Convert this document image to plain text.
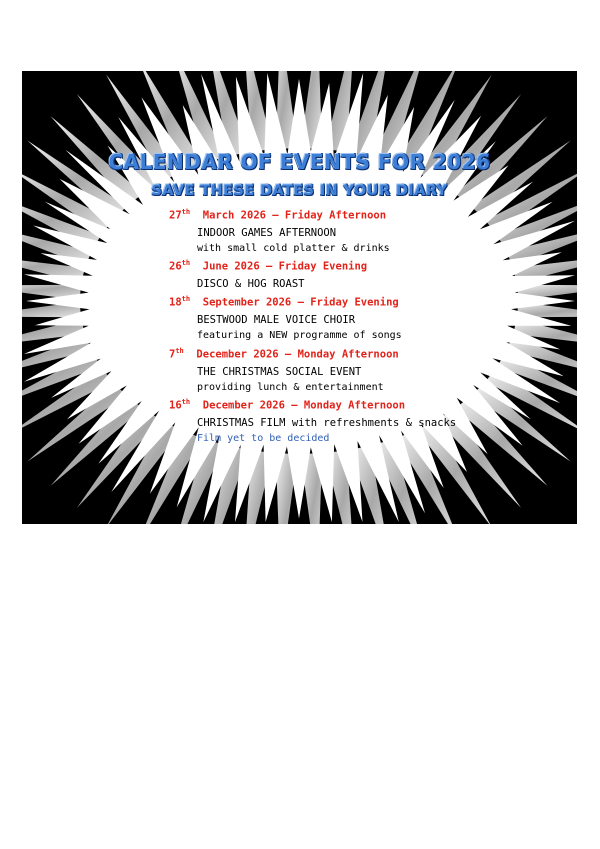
CALENDAR OF EVENTS FOR 2026
SAVE THESE DATES IN YOUR DIARY
27th March 2026 – Friday Afternoon
INDOOR GAMES AFTERNOON
with small cold platter & drinks
26th June 2026 – Friday Evening
DISCO & HOG ROAST
18th September 2026 – Friday Evening
BESTWOOD MALE VOICE CHOIR
featuring a NEW programme of songs
7th December 2026 – Monday Afternoon
THE CHRISTMAS SOCIAL EVENT
providing lunch & entertainment
16th December 2026 – Monday Afternoon
CHRISTMAS FILM with refreshments & snacks
Film yet to be decided
